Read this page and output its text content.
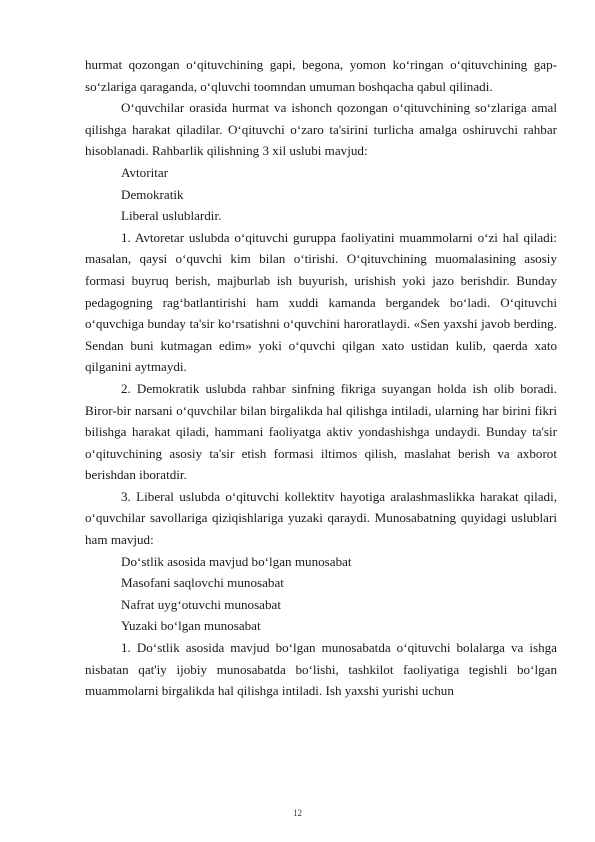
hurmat qozongan o‘qituvchining gapi, begona, yomon ko‘ringan o‘qituvchining gap-so‘zlariga qaraganda, o‘qluvchi toomndan umuman boshqacha qabul qilinadi.

O‘quvchilar orasida hurmat va ishonch qozongan o‘qituvchining so‘zlariga amal qilishga harakat qiladilar. O‘qituvchi o‘zaro ta'sirini turlicha amalga oshiruvchi rahbar hisoblanadi. Rahbarlik qilishning 3 xil uslubi mavjud:

Avtoritar

Demokratik

Liberal uslublardir.

1. Avtoretar uslubda o‘qituvchi guruppa faoliyatini muammolarni o‘zi hal qiladi: masalan, qaysi o‘quvchi kim bilan o‘tirishi. O‘qituvchining muomalasining asosiy formasi buyruq berish, majburlab ish buyurish, urishish yoki jazo berishdir. Bunday pedagogning rag‘batlantirishi ham xuddi kamanda bergandek bo‘ladi. O‘qituvchi o‘quvchiga bunday ta'sir ko‘rsatishni o‘quvchini haroratlaydi. «Sen yaxshi javob berding. Sendan buni kutmagan edim» yoki o‘quvchi qilgan xato ustidan kulib, qaerda xato qilganini aytmaydi.

2. Demokratik uslubda rahbar sinfning fikriga suyangan holda ish olib boradi. Biror-bir narsani o‘quvchilar bilan birgalikda hal qilishga intiladi, ularning har birini fikri bilishga harakat qiladi, hammani faoliyatga aktiv yondashishga undaydi. Bunday ta'sir o‘qituvchining asosiy ta'sir etish formasi iltimos qilish, maslahat berish va axborot berishdan iboratdir.

3. Liberal uslubda o‘qituvchi kollektitv hayotiga aralashmaslikka harakat qiladi, o‘quvchilar savollariga qiziqishlariga yuzaki qaraydi. Munosabatning quyidagi uslublari ham mavjud:

Do‘stlik asosida mavjud bo‘lgan munosabat

Masofani saqlovchi munosabat

Nafrat uyg‘otuvchi munosabat

Yuzaki bo‘lgan munosabat

1. Do‘stlik asosida mavjud bo‘lgan munosabatda o‘qituvchi bolalarga va ishga nisbatan qat'iy ijobiy munosabatda bo‘lishi, tashkilot faoliyatiga tegishli bo‘lgan muammolarni birgalikda hal qilishga intiladi. Ish yaxshi yurishi uchun

12
